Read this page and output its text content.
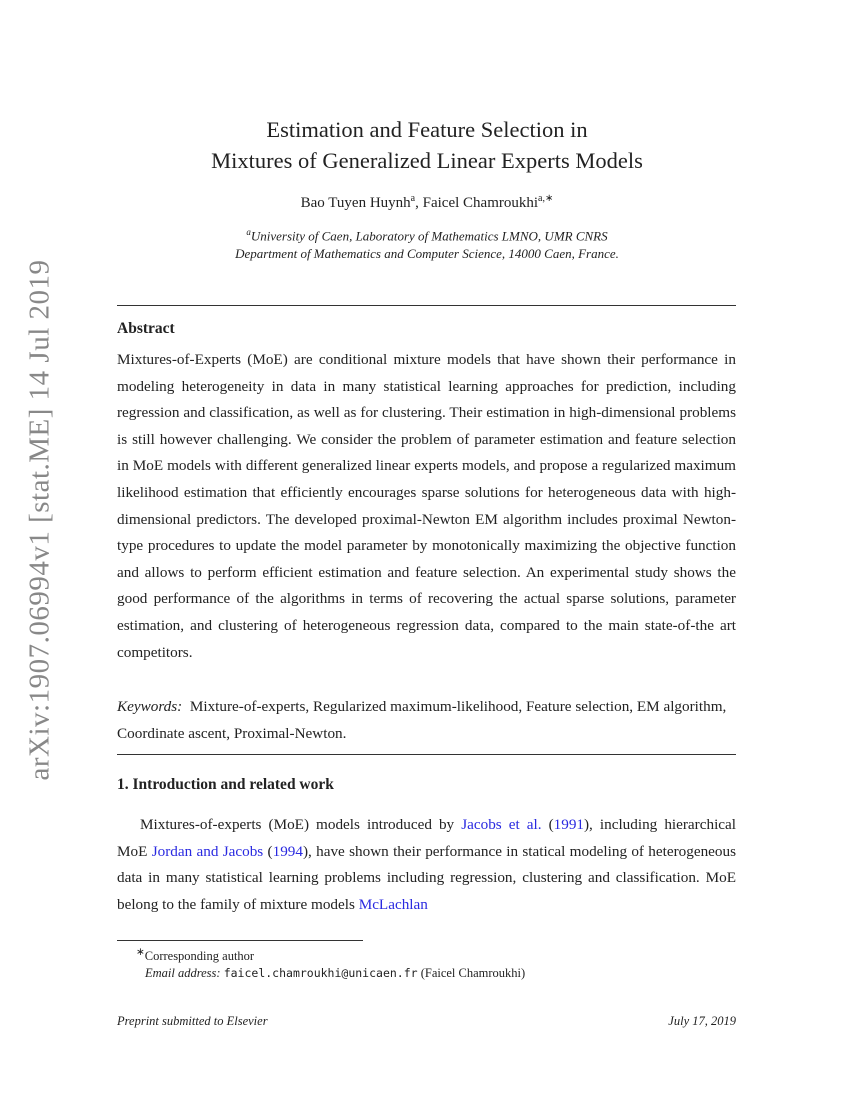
arXiv:1907.06994v1 [stat.ME] 14 Jul 2019
Estimation and Feature Selection in
Mixtures of Generalized Linear Experts Models
Bao Tuyen Huynh$^a$, Faicel Chamroukhi$^{a,∗}$
$^a$University of Caen, Laboratory of Mathematics LMNO, UMR CNRS
Department of Mathematics and Computer Science, 14000 Caen, France.
Abstract
Mixtures-of-Experts (MoE) are conditional mixture models that have shown their performance in modeling heterogeneity in data in many statistical learning approaches for prediction, including regression and classification, as well as for clustering. Their estimation in high-dimensional problems is still however challenging. We consider the problem of parameter estimation and feature selection in MoE models with different generalized linear experts models, and propose a regularized maximum likelihood estimation that efficiently encourages sparse solutions for heterogeneous data with high-dimensional predictors. The developed proximal-Newton EM algorithm includes proximal Newton-type procedures to update the model parameter by monotonically maximizing the objective function and allows to perform efficient estimation and feature selection. An experimental study shows the good performance of the algorithms in terms of recovering the actual sparse solutions, parameter estimation, and clustering of heterogeneous regression data, compared to the main state-of-the art competitors.
Keywords: Mixture-of-experts, Regularized maximum-likelihood, Feature selection, EM algorithm, Coordinate ascent, Proximal-Newton.
1. Introduction and related work
Mixtures-of-experts (MoE) models introduced by Jacobs et al. (1991), including hierarchical MoE Jordan and Jacobs (1994), have shown their performance in statical modeling of heterogeneous data in many statistical learning problems including regression, clustering and classification. MoE belong to the family of mixture models McLachlan
∗Corresponding author
Email address: faicel.chamroukhi@unicaen.fr (Faicel Chamroukhi)
Preprint submitted to Elsevier	July 17, 2019
